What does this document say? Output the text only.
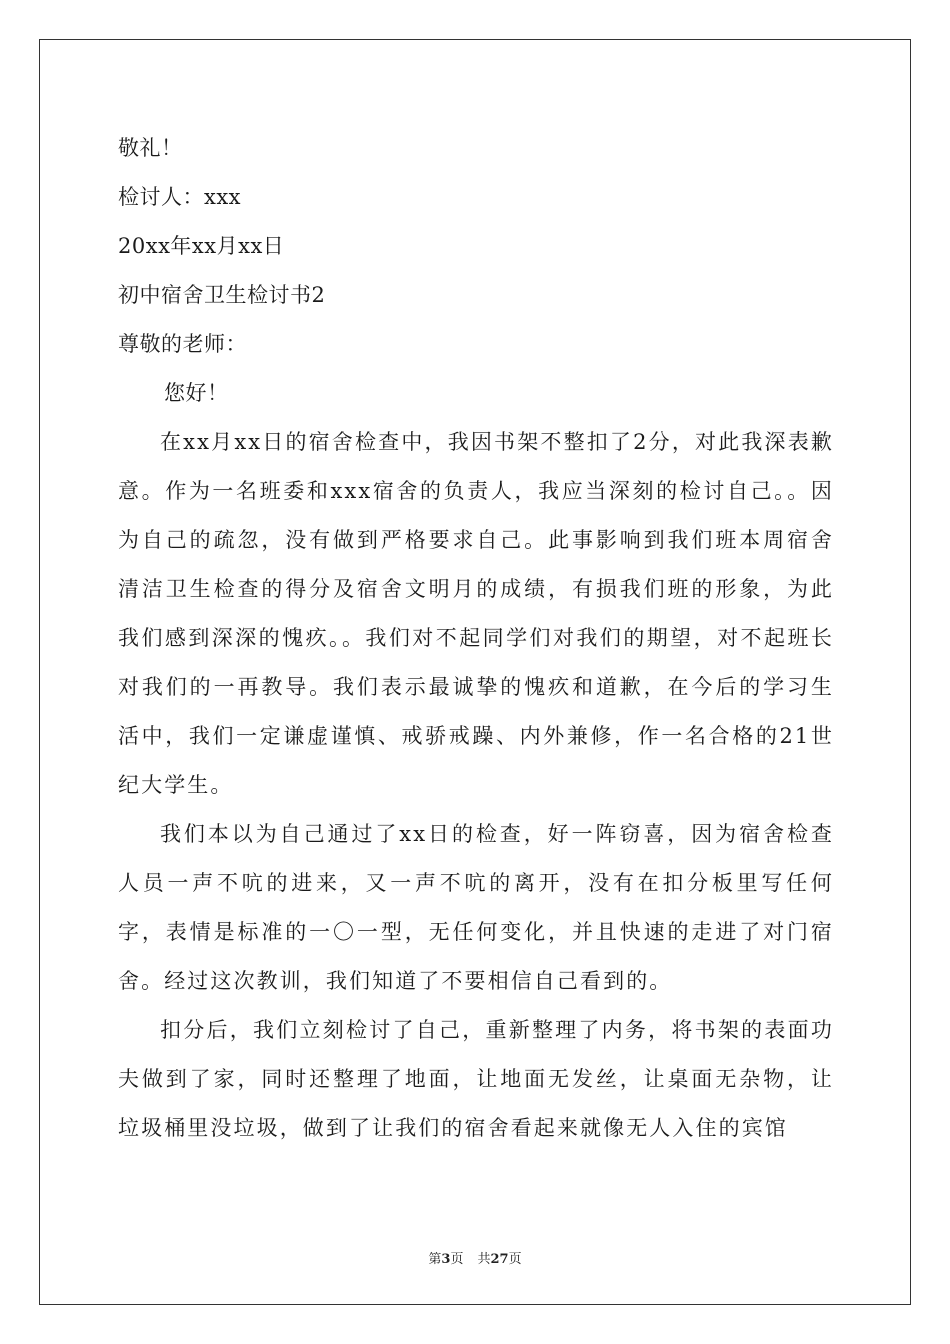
敬礼！
检讨人：xxx
20xx年xx月xx日
初中宿舍卫生检讨书2
尊敬的老师：
您好！
在xx月xx日的宿舍检查中，我因书架不整扣了2分，对此我深表歉意。作为一名班委和xxx宿舍的负责人，我应当深刻的检讨自己。。因为自己的疏忽，没有做到严格要求自己。此事影响到我们班本周宿舍清洁卫生检查的得分及宿舍文明月的成绩，有损我们班的形象，为此我们感到深深的愧疚。。我们对不起同学们对我们的期望，对不起班长对我们的一再教导。我们表示最诚挚的愧疚和道歉，在今后的学习生活中，我们一定谦虚谨慎、戒骄戒躁、内外兼修，作一名合格的21世纪大学生。
我们本以为自己通过了xx日的检查，好一阵窃喜，因为宿舍检查人员一声不吭的进来，又一声不吭的离开，没有在扣分板里写任何字，表情是标准的一〇一型，无任何变化，并且快速的走进了对门宿舍。经过这次教训，我们知道了不要相信自己看到的。
扣分后，我们立刻检讨了自己，重新整理了内务，将书架的表面功夫做到了家，同时还整理了地面，让地面无发丝，让桌面无杂物，让垃圾桶里没垃圾，做到了让我们的宿舍看起来就像无人入住的宾馆
第3页 共27页
